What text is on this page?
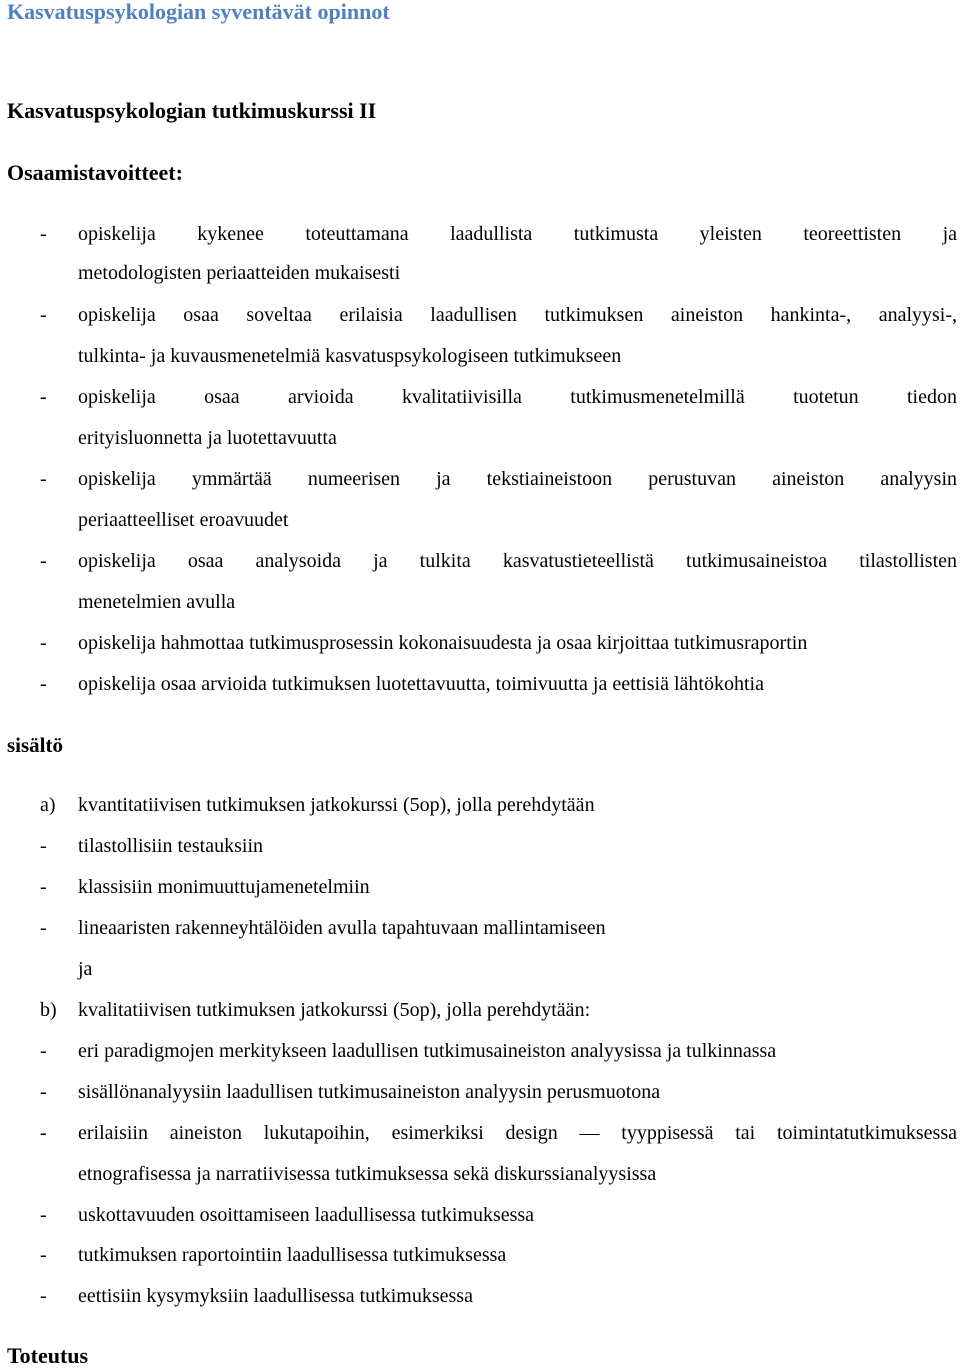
Kasvatuspsykologian syventävät opinnot
Kasvatuspsykologian tutkimuskurssi II
Osaamistavoitteet:
- opiskelija kykenee toteuttamana laadullista tutkimusta yleisten teoreettisten ja
metodologisten periaatteiden mukaisesti
- opiskelija osaa soveltaa erilaisia laadullisen tutkimuksen aineiston hankinta-, analyysi-,
tulkinta- ja kuvausmenetelmiä kasvatuspsykologiseen tutkimukseen
- opiskelija osaa arvioida kvalitatiivisilla tutkimusmenetelmillä tuotetun tiedon
erityisluonnetta ja luotettavuutta
- opiskelija ymmärtää numeerisen ja tekstiaineistoon perustuvan aineiston analyysin
periaatteelliset eroavuudet
- opiskelija osaa analysoida ja tulkita kasvatustieteellistä tutkimusaineistoa tilastollisten
menetelmien avulla
- opiskelija hahmottaa tutkimusprosessin kokonaisuudesta ja osaa kirjoittaa tutkimusraportin
- opiskelija osaa arvioida tutkimuksen luotettavuutta, toimivuutta ja eettisiä lähtökohtia
sisältö
a) kvantitatiivisen tutkimuksen jatkokurssi (5op), jolla perehdytään
- tilastollisiin testauksiin
- klassisiin monimuuttujamenetelmiin
- lineaaristen rakenneyhtälöiden avulla tapahtuvaan mallintamiseen
ja
b) kvalitatiivisen tutkimuksen jatkokurssi (5op), jolla perehdytään:
- eri paradigmojen merkitykseen laadullisen tutkimusaineiston analyysissa ja tulkinnassa
- sisällönanalyysiin laadullisen tutkimusaineiston analyysin perusmuotona
- erilaisiin aineiston lukutapoihin, esimerkiksi design — tyyppisessä tai toimintatutkimuksessa
etnografisessa ja narratiivisessa tutkimuksessa sekä diskurssianalyysissa
- uskottavuuden osoittamiseen laadullisessa tutkimuksessa
- tutkimuksen raportointiin laadullisessa tutkimuksessa
- eettisiin kysymyksiin laadullisessa tutkimuksessa
Toteutus
